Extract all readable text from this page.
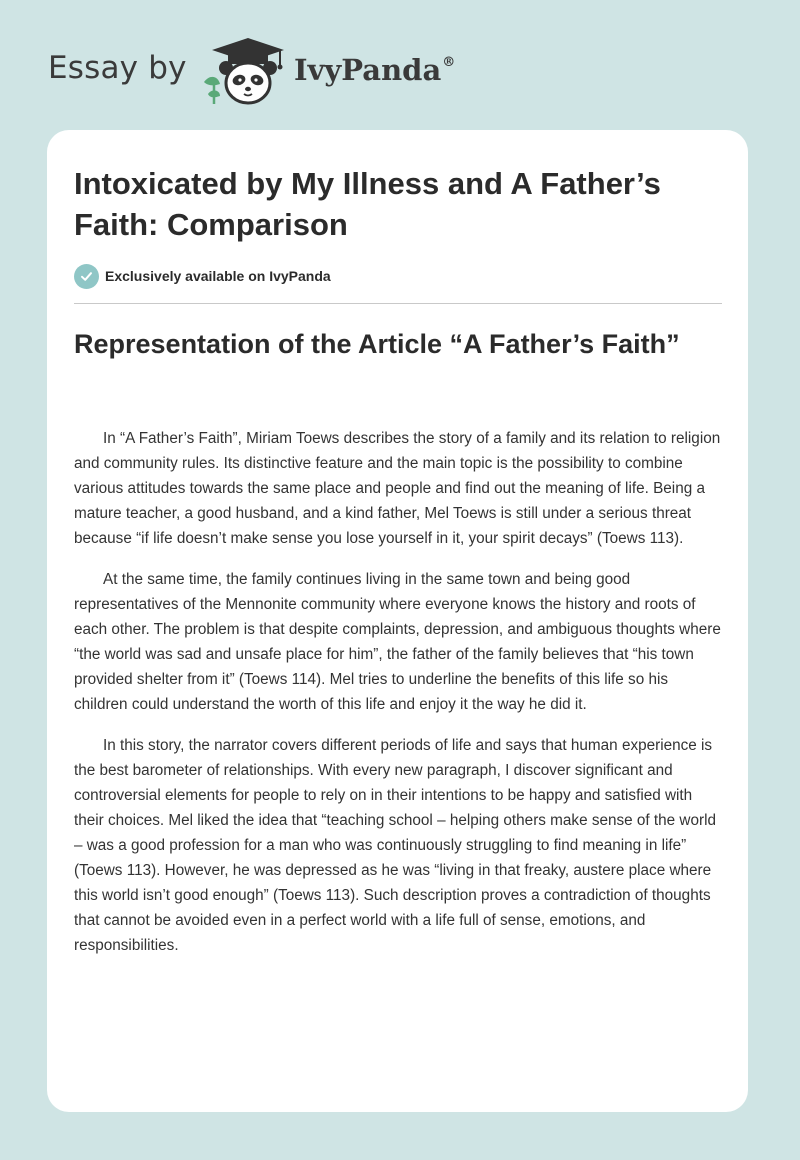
Essay by	IvyPanda®
Intoxicated by My Illness and A Father’s Faith: Comparison
Exclusively available on IvyPanda
Representation of the Article “A Father’s Faith”

In “A Father’s Faith”, Miriam Toews describes the story of a family and its relation to religion and community rules. Its distinctive feature and the main topic is the possibility to combine various attitudes towards the same place and people and find out the meaning of life. Being a mature teacher, a good husband, and a kind father, Mel Toews is still under a serious threat because “if life doesn’t make sense you lose yourself in it, your spirit decays” (Toews 113).

At the same time, the family continues living in the same town and being good representatives of the Mennonite community where everyone knows the history and roots of each other. The problem is that despite complaints, depression, and ambiguous thoughts where “the world was sad and unsafe place for him”, the father of the family believes that “his town provided shelter from it” (Toews 114). Mel tries to underline the benefits of this life so his children could understand the worth of this life and enjoy it the way he did it.

In this story, the narrator covers different periods of life and says that human experience is the best barometer of relationships. With every new paragraph, I discover significant and controversial elements for people to rely on in their intentions to be happy and satisfied with their choices. Mel liked the idea that “teaching school – helping others make sense of the world – was a good profession for a man who was continuously struggling to find meaning in life” (Toews 113). However, he was depressed as he was “living in that freaky, austere place where this world isn’t good enough” (Toews 113). Such description proves a contradiction of thoughts that cannot be avoided even in a perfect world with a life full of sense, emotions, and responsibilities.
